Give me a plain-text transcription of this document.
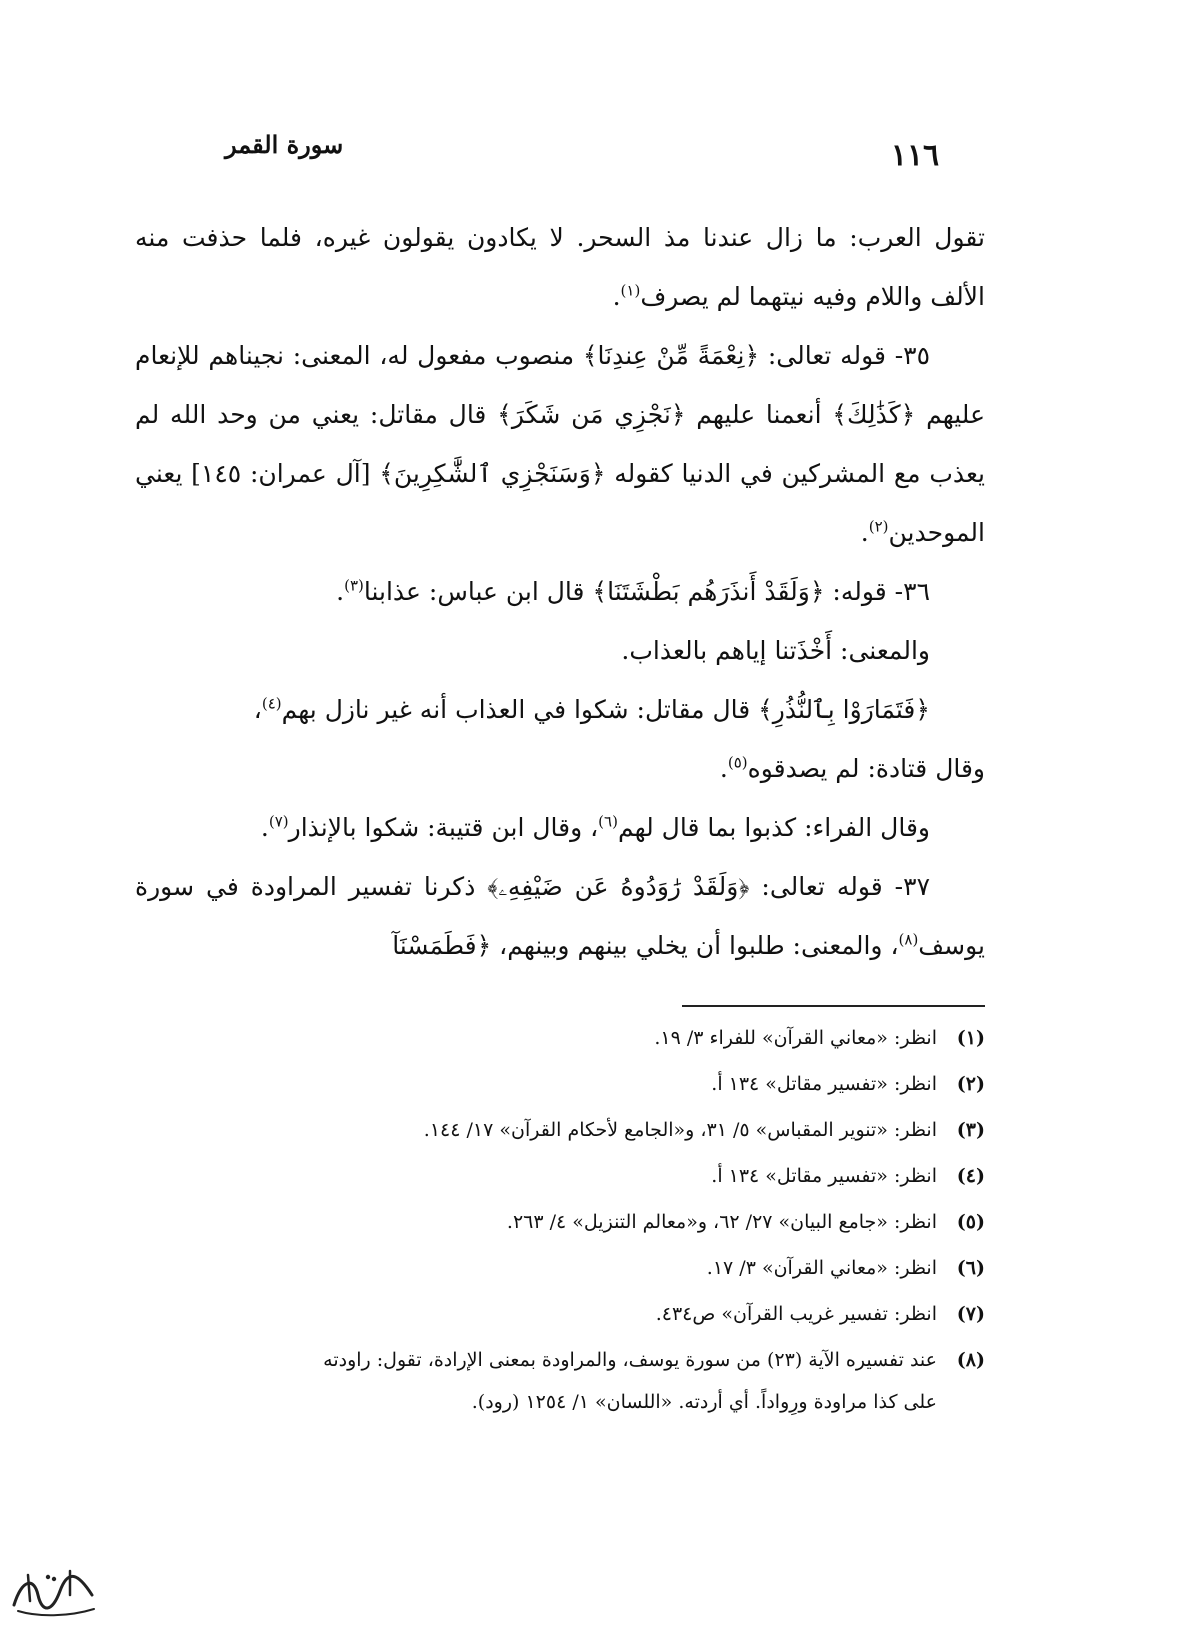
سورة القمر	١١٦

تقول العرب: ما زال عندنا مذ السحر. لا يكادون يقولون غيره، فلما حذفت منه الألف واللام وفيه نيتهما لم يصرف$^{(١)}$.

٣٥- قوله تعالى: ﴿نِعْمَةً مِّنْ عِندِنَا﴾ منصوب مفعول له، المعنى: نجيناهم للإنعام عليهم ﴿كَذَٰلِكَ﴾ أنعمنا عليهم ﴿نَجْزِي مَن شَكَرَ﴾ قال مقاتل: يعني من وحد الله لم يعذب مع المشركين في الدنيا كقوله ﴿وَسَنَجْزِي ٱلشَّٰكِرِينَ﴾ [آل عمران: ١٤٥] يعني الموحدين$^{(٢)}$.

٣٦- قوله: ﴿وَلَقَدْ أَنذَرَهُم بَطْشَتَنَا﴾ قال ابن عباس: عذابنا$^{(٣)}$.

والمعنى: أَخْذَتنا إياهم بالعذاب.

﴿فَتَمَارَوْا بِٱلنُّذُرِ﴾ قال مقاتل: شكوا في العذاب أنه غير نازل بهم$^{(٤)}$،

وقال قتادة: لم يصدقوه$^{(٥)}$.

وقال الفراء: كذبوا بما قال لهم$^{(٦)}$، وقال ابن قتيبة: شكوا بالإنذار$^{(٧)}$.

٣٧- قوله تعالى: ﴿وَلَقَدْ رَٰوَدُوهُ عَن ضَيْفِهِۦ﴾ ذكرنا تفسير المراودة في سورة يوسف$^{(٨)}$، والمعنى: طلبوا أن يخلي بينهم وبينهم، ﴿فَطَمَسْنَآ

(١)انظر: «معاني القرآن» للفراء ٣/ ١٩.
(٢)انظر: «تفسير مقاتل» ١٣٤ أ.
(٣)انظر: «تنوير المقباس» ٥/ ٣١، و«الجامع لأحكام القرآن» ١٧/ ١٤٤.
(٤)انظر: «تفسير مقاتل» ١٣٤ أ.
(٥)انظر: «جامع البيان» ٢٧/ ٦٢، و«معالم التنزيل» ٤/ ٢٦٣.
(٦)انظر: «معاني القرآن» ٣/ ١٧.
(٧)انظر: تفسير غريب القرآن» ص٤٣٤.
(٨)عند تفسيره الآية (٢٣) من سورة يوسف، والمراودة بمعنى الإرادة، تقول: راودته
على كذا مراودة ورِواداً. أي أردته. «اللسان» ١/ ١٢٥٤ (رود).
